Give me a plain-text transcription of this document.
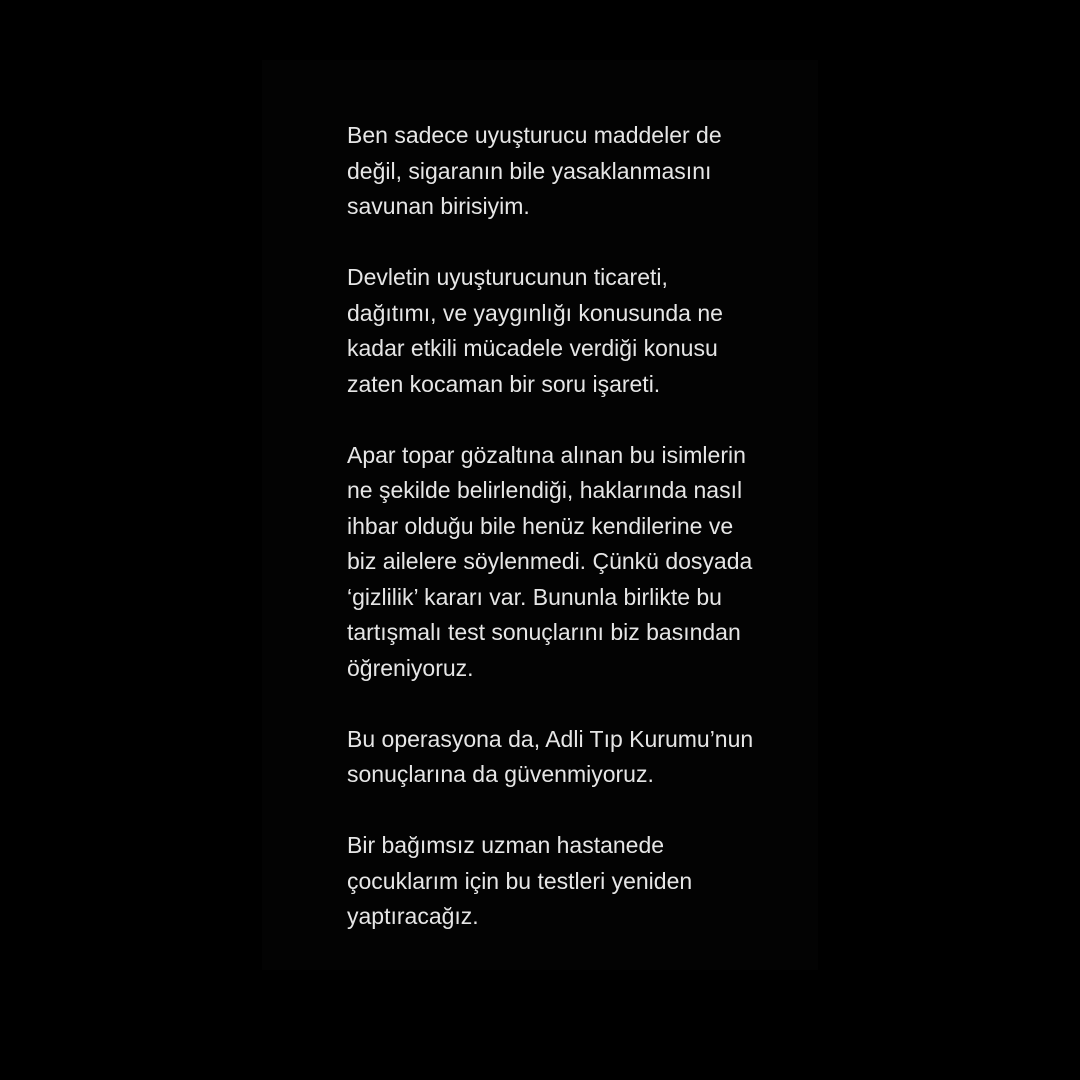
Ben sadece uyuşturucu maddeler de
değil, sigaranın bile yasaklanmasını
savunan birisiyim.

Devletin uyuşturucunun ticareti,
dağıtımı, ve yaygınlığı konusunda ne
kadar etkili mücadele verdiği konusu
zaten kocaman bir soru işareti.

Apar topar gözaltına alınan bu isimlerin
ne şekilde belirlendiği, haklarında nasıl
ihbar olduğu bile henüz kendilerine ve
biz ailelere söylenmedi. Çünkü dosyada
‘gizlilik’ kararı var. Bununla birlikte bu
tartışmalı test sonuçlarını biz basından
öğreniyoruz.

Bu operasyona da, Adli Tıp Kurumu’nun
sonuçlarına da güvenmiyoruz.

Bir bağımsız uzman hastanede
çocuklarım için bu testleri yeniden
yaptıracağız.
